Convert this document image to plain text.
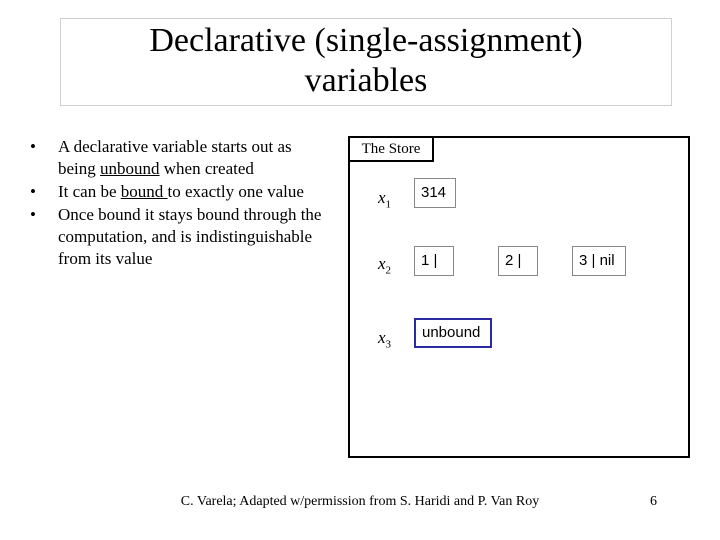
Declarative (single-assignment)
variables
• A declarative variable starts out as being unbound when created
• It can be bound to exactly one value
• Once bound it stays bound through the computation, and is indistinguishable from its value
The Store
$x_1$
314
$x_2$
1 |	2 |	3 | nil
$x_3$
unbound
C. Varela; Adapted w/permission from S. Haridi and P. Van Roy	6
